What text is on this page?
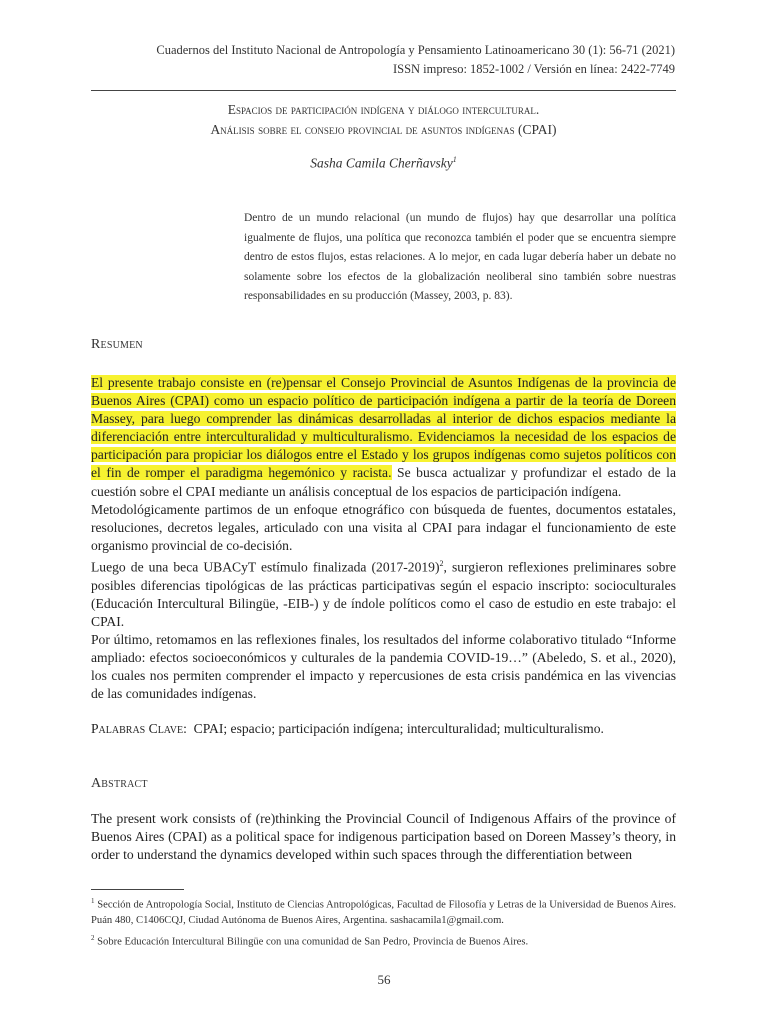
Cuadernos del Instituto Nacional de Antropología y Pensamiento Latinoamericano 30 (1): 56-71 (2021)
ISSN impreso: 1852-1002 / Versión en línea: 2422-7749
Espacios de participación indígena y diálogo intercultural.
Análisis sobre el consejo provincial de asuntos indígenas (CPAI)
Sasha Camila Cherñavsky$^1$
Dentro de un mundo relacional (un mundo de flujos) hay que desarrollar una política igualmente de flujos, una política que reconozca también el poder que se encuentra siempre dentro de estos flujos, estas relaciones. A lo mejor, en cada lugar debería haber un debate no solamente sobre los efectos de la globalización neoliberal sino también sobre nuestras responsabilidades en su producción (Massey, 2003, p. 83).
Resumen

El presente trabajo consiste en (re)pensar el Consejo Provincial de Asuntos Indígenas de la provincia de Buenos Aires (CPAI) como un espacio político de participación indígena a partir de la teoría de Doreen Massey, para luego comprender las dinámicas desarrolladas al interior de dichos espacios mediante la diferenciación entre interculturalidad y multiculturalismo. Evidenciamos la necesidad de los espacios de participación para propiciar los diálogos entre el Estado y los grupos indígenas como sujetos políticos con el fin de romper el paradigma hegemónico y racista. Se busca actualizar y profundizar el estado de la cuestión sobre el CPAI mediante un análisis conceptual de los espacios de participación indígena.

Metodológicamente partimos de un enfoque etnográfico con búsqueda de fuentes, documentos estatales, resoluciones, decretos legales, articulado con una visita al CPAI para indagar el funcionamiento de este organismo provincial de co-decisión.

Luego de una beca UBACyT estímulo finalizada (2017-2019)$^2$, surgieron reflexiones preliminares sobre posibles diferencias tipológicas de las prácticas participativas según el espacio inscripto: socioculturales (Educación Intercultural Bilingüe, -EIB-) y de índole políticos como el caso de estudio en este trabajo: el CPAI.

Por último, retomamos en las reflexiones finales, los resultados del informe colaborativo titulado “Informe ampliado: efectos socioeconómicos y culturales de la pandemia COVID-19…” (Abeledo, S. et al., 2020), los cuales nos permiten comprender el impacto y repercusiones de esta crisis pandémica en las vivencias de las comunidades indígenas.

Palabras Clave:  CPAI; espacio; participación indígena; interculturalidad; multiculturalismo.
Abstract
The present work consists of (re)thinking the Provincial Council of Indigenous Affairs of the province of Buenos Aires (CPAI) as a political space for indigenous participation based on Doreen Massey’s theory, in order to understand the dynamics developed within such spaces through the differentiation between

$^1$ Sección de Antropología Social, Instituto de Ciencias Antropológicas, Facultad de Filosofía y Letras de la Universidad de Buenos Aires. Puán 480, C1406CQJ, Ciudad Autónoma de Buenos Aires, Argentina. sashacamila1@gmail.com.

$^2$ Sobre Educación Intercultural Bilingüe con una comunidad de San Pedro, Provincia de Buenos Aires.

56
